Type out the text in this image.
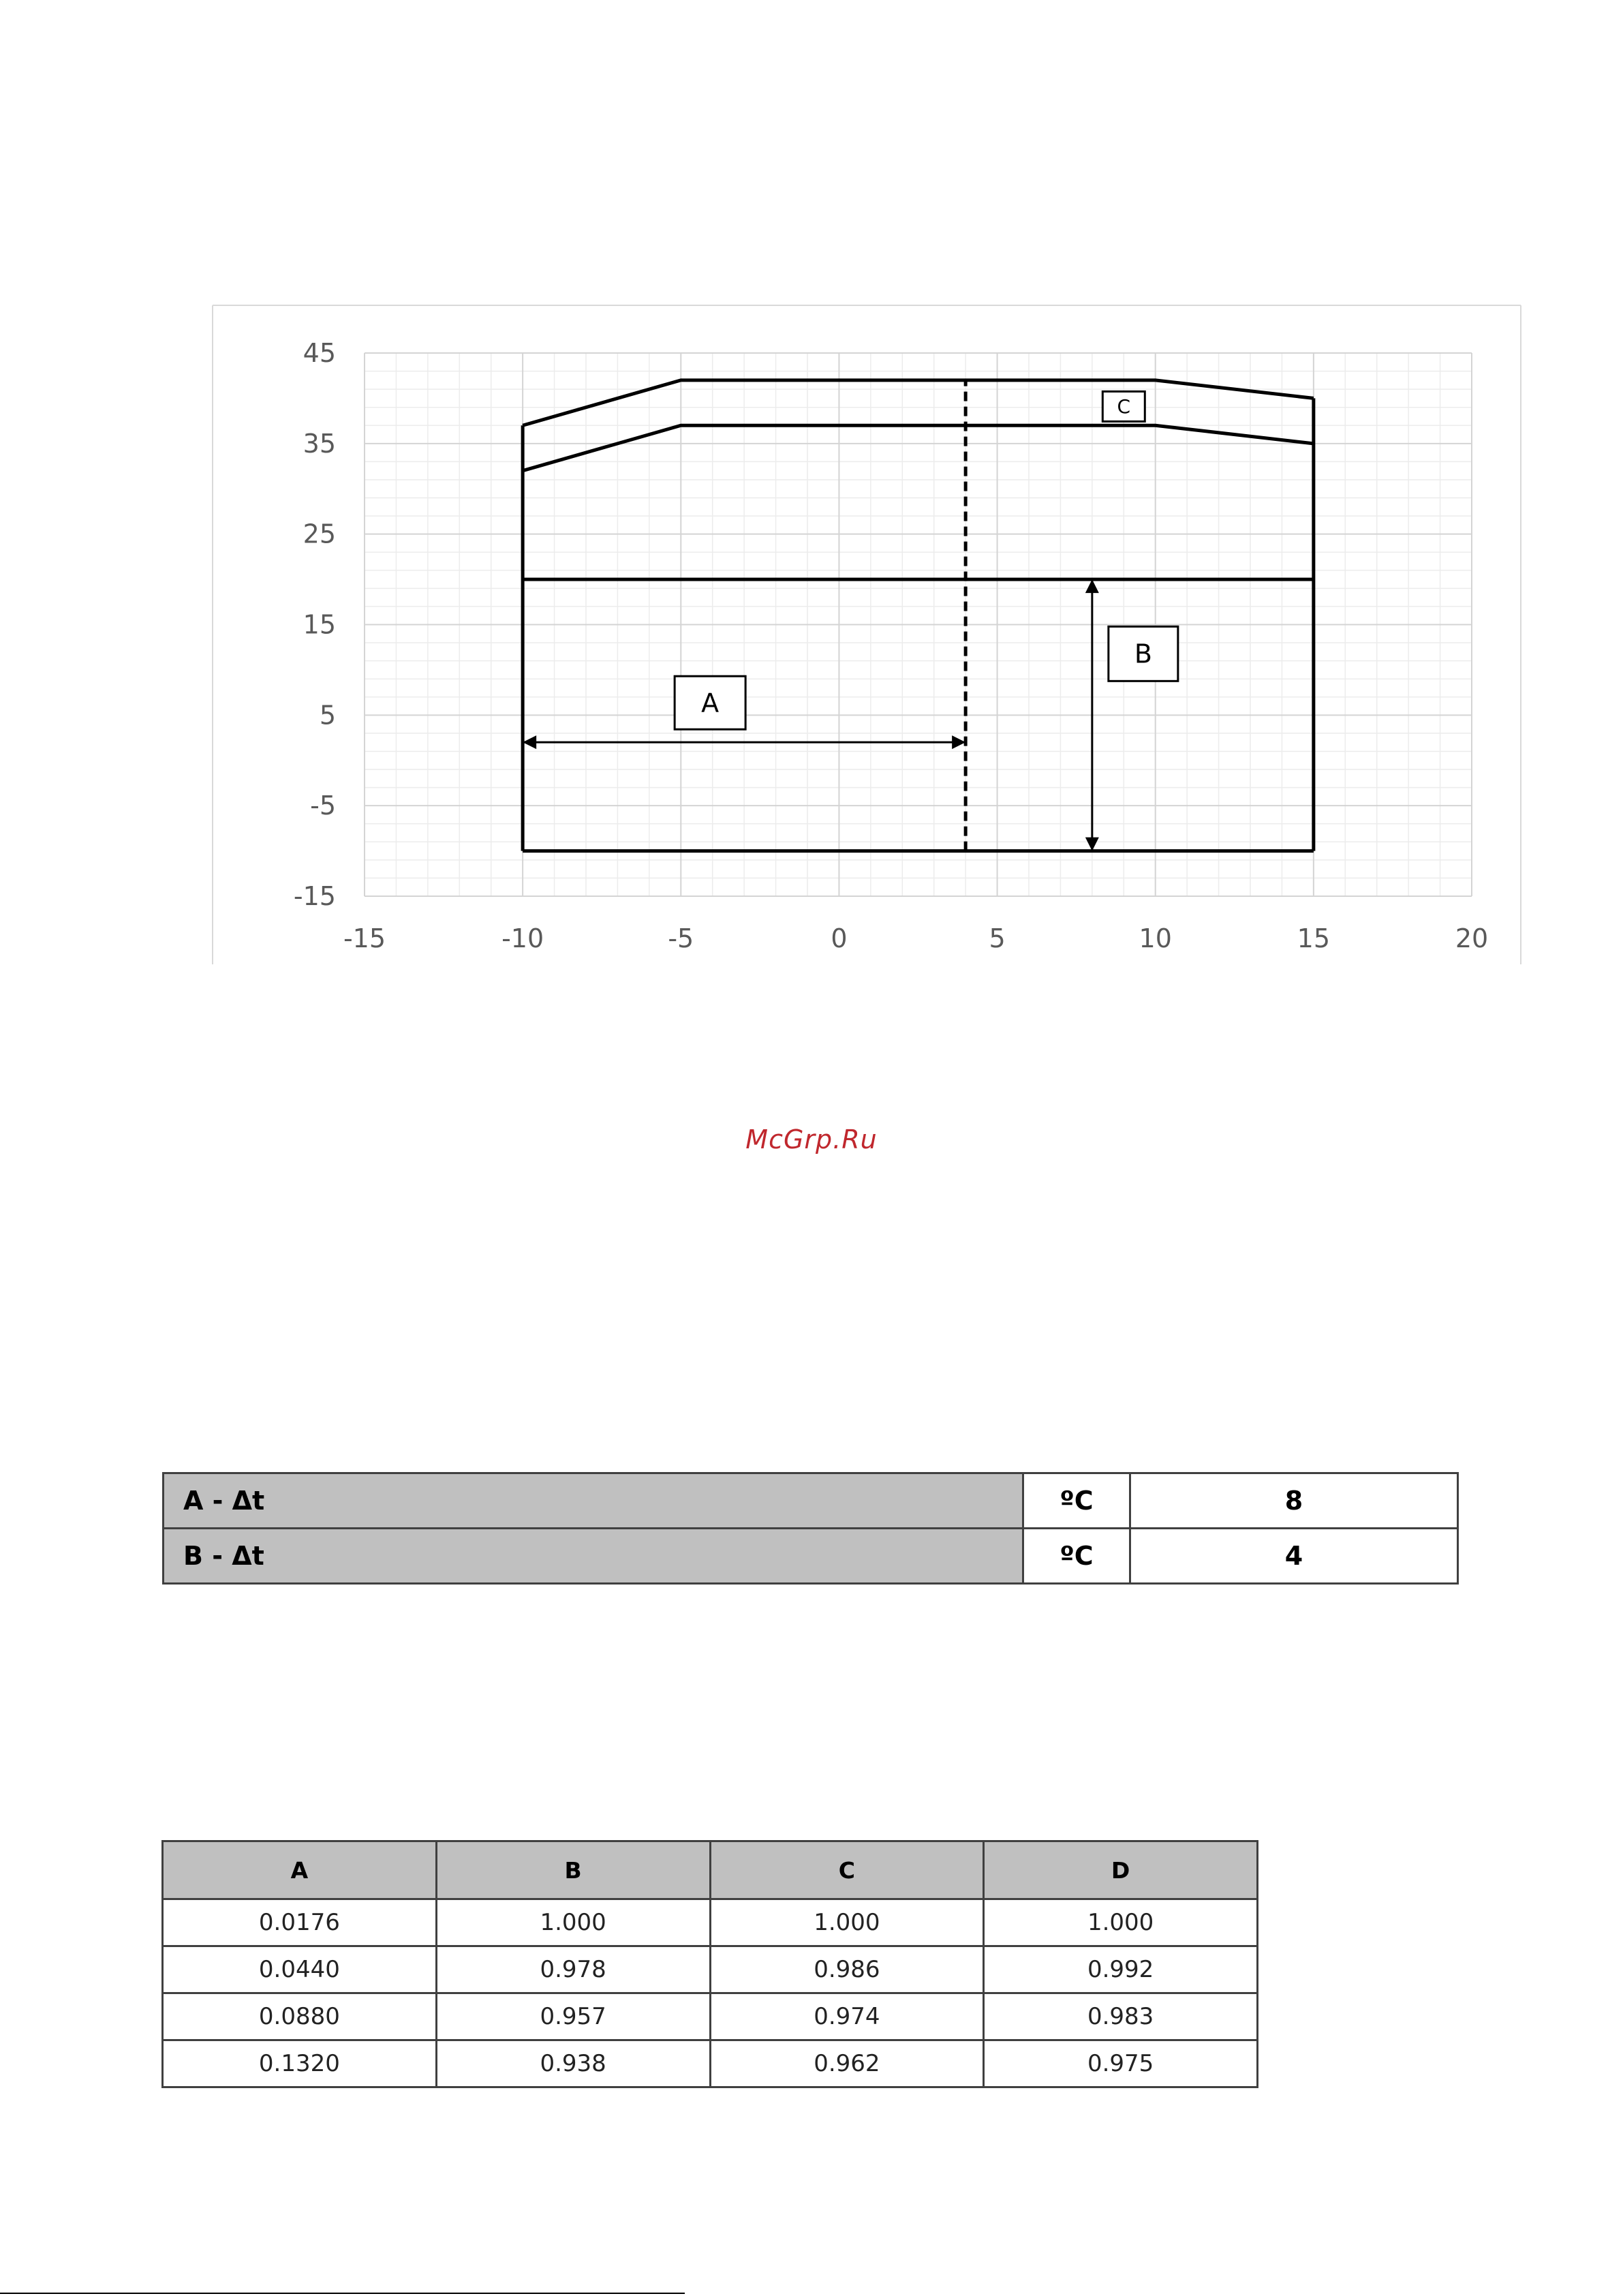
A
B
C
-15	-10	-5	0	5	10	15	20
45
35
25
15
5
-5
-15
McGrp.Ru
A - Δt	ºC	8
B - Δt	ºC	4
A	B	C	D
0.0176	1.000	1.000	1.000
0.0440	0.978	0.986	0.992
0.0880	0.957	0.974	0.983
0.1320	0.938	0.962	0.975
